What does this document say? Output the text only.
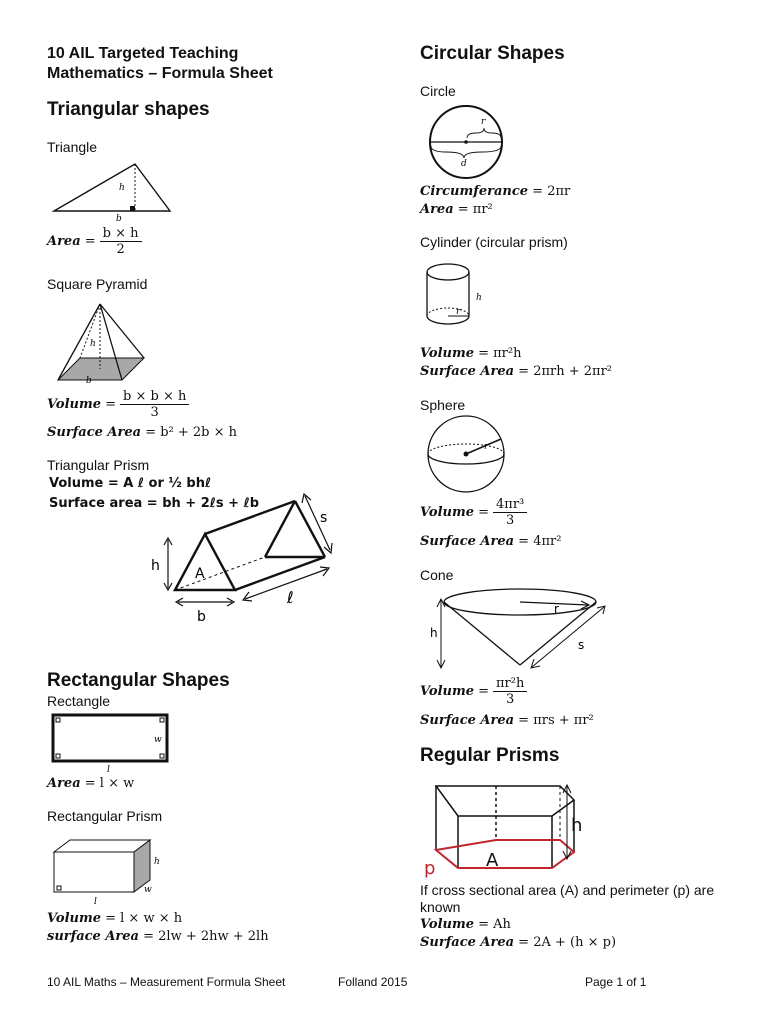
10 AIL Targeted Teaching
Mathematics – Formula Sheet
Triangular shapes
Triangle
h
b
Area = $\frac{b \times h}{2}$
Square Pyramid
h
b
Volume = $\frac{b \times b \times h}{3}$
Surface Area = b² + 2b × h
Triangular Prism
Volume = A ℓ or ½ bhℓ
Surface area = bh + 2ℓs + ℓb
h	A
b
ℓ
s
Rectangular Shapes
Rectangle
w
l
Area = l × w
Rectangular Prism
h
w
l
Volume = l × w × h
surface Area = 2lw + 2hw + 2lh
Circular Shapes
Circle
r
d
Circumferance = 2πr
Area = πr²
Cylinder (circular prism)
h
r
Volume = πr²h
Surface Area = 2πrh + 2πr²
Sphere
r
Volume = $\frac{\text{4πr³}}{3}$
Surface Area = 4πr²
Cone
h
r
s
Volume = $\frac{\text{πr²h}}{3}$
Surface Area = πrs + πr²
Regular Prisms
h
A
p
If cross sectional area (A) and perimeter (p) are known
Volume = Ah
Surface Area = 2A + (h × p)
10 AIL Maths – Measurement Formula Sheet	Folland 2015	Page 1 of 1
